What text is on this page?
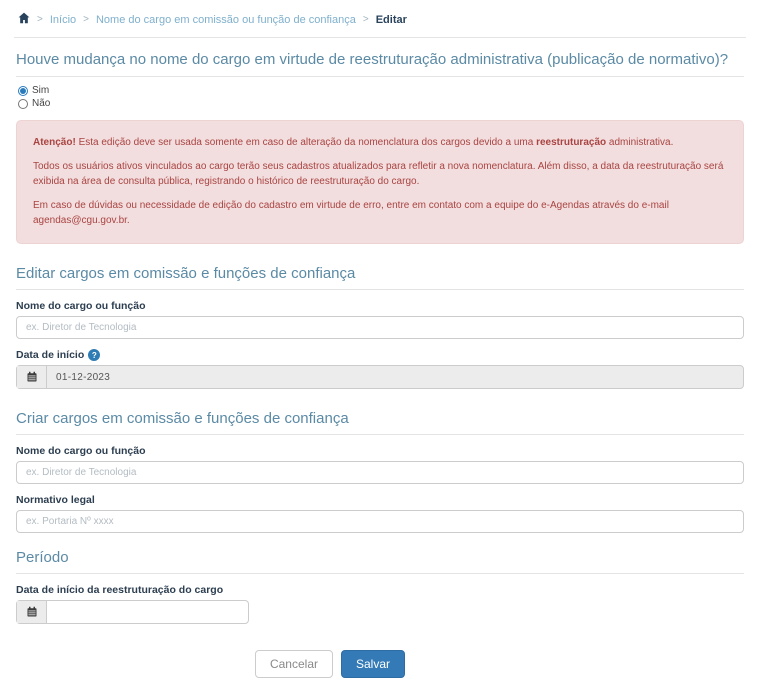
> Início > Nome do cargo em comissão ou função de confiança > Editar
Houve mudança no nome do cargo em virtude de reestruturação administrativa (publicação de normativo)?
Sim
Não

Atenção! Esta edição deve ser usada somente em caso de alteração da nomenclatura dos cargos devido a uma reestruturação administrativa.

Todos os usuários ativos vinculados ao cargo terão seus cadastros atualizados para refletir a nova nomenclatura. Além disso, a data da reestruturação será exibida na área de consulta pública, registrando o histórico de reestruturação do cargo.

Em caso de dúvidas ou necessidade de edição do cadastro em virtude de erro, entre em contato com a equipe do e-Agendas através do e-mail agendas@cgu.gov.br.

Editar cargos em comissão e funções de confiança
Nome do cargo ou função
ex. Diretor de Tecnologia
Data de início ?
01-12-2023
Criar cargos em comissão e funções de confiança
Nome do cargo ou função
ex. Diretor de Tecnologia
Normativo legal
ex. Portaria Nº xxxx
Período
Data de início da reestruturação do cargo
Cancelar	Salvar
